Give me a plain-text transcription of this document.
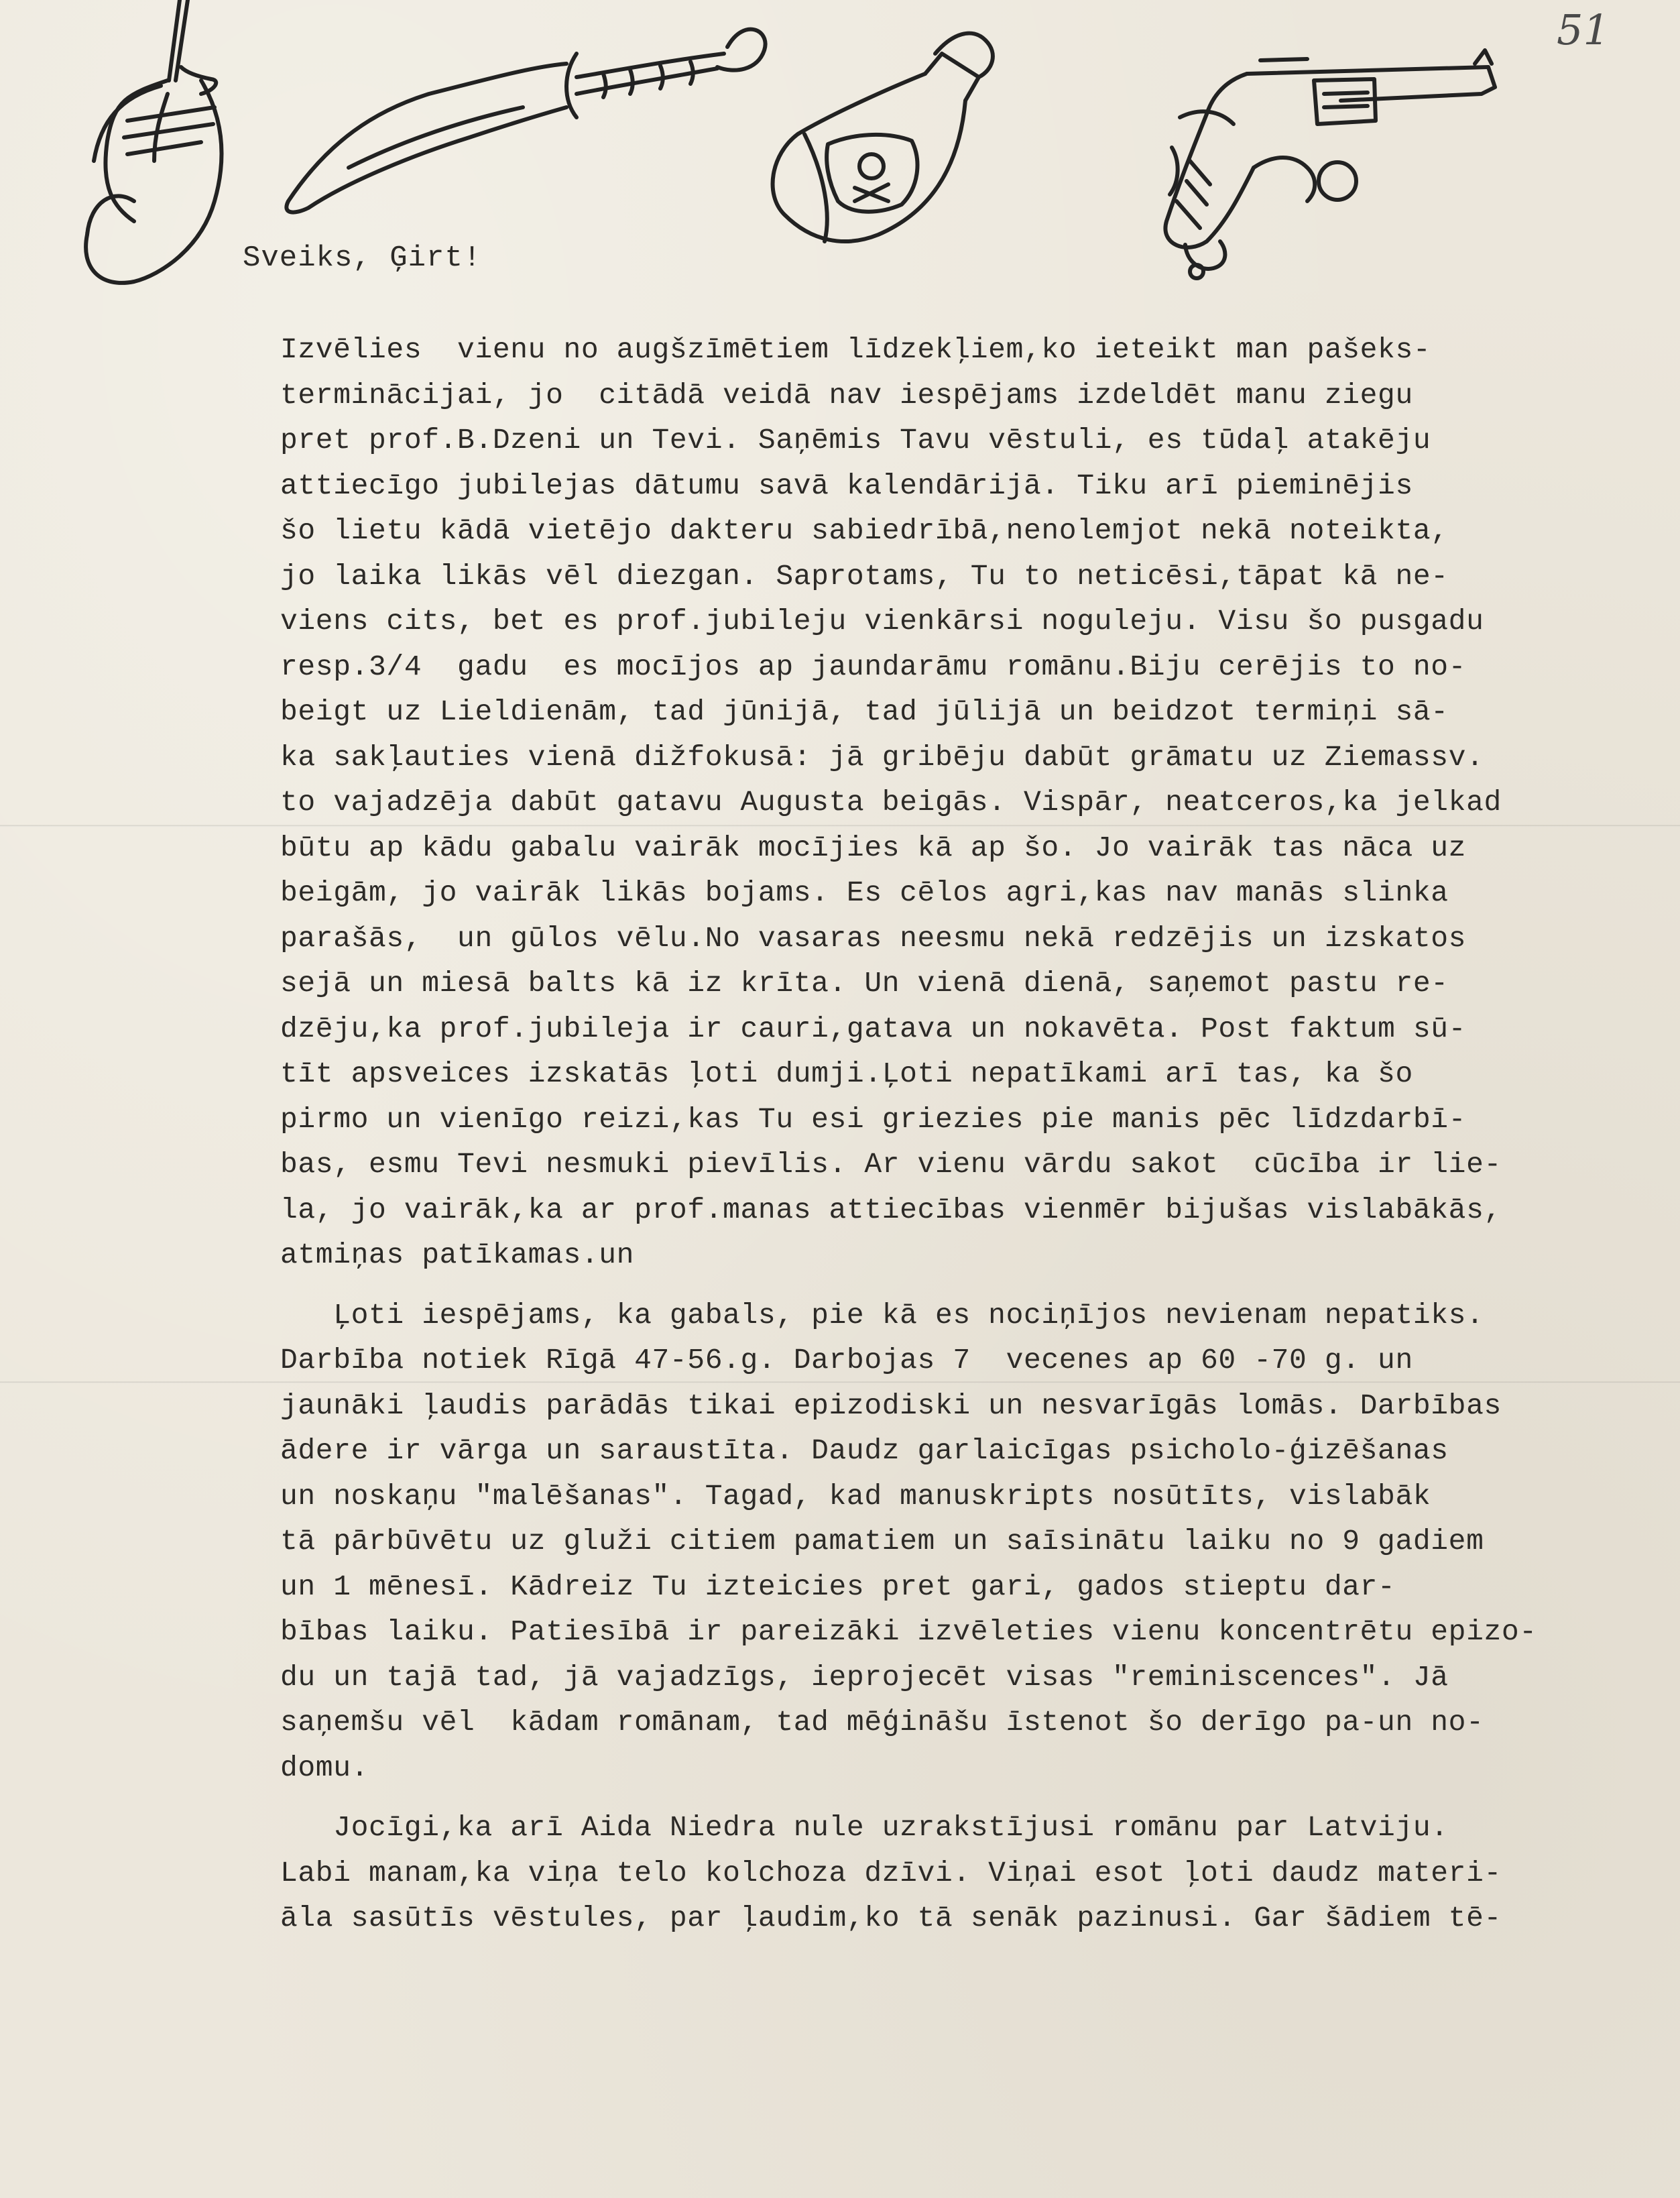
51
Sveiks, Ģirt!
Izvēlies  vienu no augšzīmētiem līdzekļiem,ko ieteikt man pašeks-
terminācijai, jo  citādā veidā nav iespējams izdeldēt manu ziegu
pret prof.B.Dzeni un Tevi. Saņēmis Tavu vēstuli, es tūdaļ atakēju
attiecīgo jubilejas dātumu savā kalendārijā. Tiku arī pieminējis
šo lietu kādā vietējo dakteru sabiedrībā,nenolemjot nekā noteikta,
jo laika likās vēl diezgan. Saprotams, Tu to neticēsi,tāpat kā ne-
viens cits, bet es prof.jubileju vienkārsi noguleju. Visu šo pusgadu
resp.3/4  gadu  es mocījos ap jaundarāmu romānu.Biju cerējis to no-
beigt uz Lieldienām, tad jūnijā, tad jūlijā un beidzot termiņi sā-
ka sakļauties vienā dižfokusā: jā gribēju dabūt grāmatu uz Ziemassv.
to vajadzēja dabūt gatavu Augusta beigās. Vispār, neatceros,ka jelkad
būtu ap kādu gabalu vairāk mocījies kā ap šo. Jo vairāk tas nāca uz
beigām, jo vairāk likās bojams. Es cēlos agri,kas nav manās slinka
parašās,  un gūlos vēlu.No vasaras neesmu nekā redzējis un izskatos
sejā un miesā balts kā iz krīta. Un vienā dienā, saņemot pastu re-
dzēju,ka prof.jubileja ir cauri,gatava un nokavēta. Post faktum sū-
tīt apsveices izskatās ļoti dumji.Ļoti nepatīkami arī tas, ka šo
pirmo un vienīgo reizi,kas Tu esi griezies pie manis pēc līdzdarbī-
bas, esmu Tevi nesmuki pievīlis. Ar vienu vārdu sakot  cūcība ir lie-
la, jo vairāk,ka ar prof.manas attiecības vienmēr bijušas vislabākās,
atmiņas patīkamas.un
Ļoti iespējams, ka gabals, pie kā es nociņījos nevienam nepatiks.
Darbība notiek Rīgā 47-56.g. Darbojas 7  vecenes ap 60 -70 g. un
jaunāki ļaudis parādās tikai epizodiski un nesvarīgās lomās. Darbības
ādere ir vārga un saraustīta. Daudz garlaicīgas psicholo-ģizēšanas
un noskaņu "malēšanas". Tagad, kad manuskripts nosūtīts, vislabāk
tā pārbūvētu uz gluži citiem pamatiem un saīsinātu laiku no 9 gadiem
un 1 mēnesī. Kādreiz Tu izteicies pret gari, gados stieptu dar-
bības laiku. Patiesībā ir pareizāki izvēleties vienu koncentrētu epizo-
du un tajā tad, jā vajadzīgs, ieprojecēt visas "reminiscences". Jā
saņemšu vēl  kādam romānam, tad mēģināšu īstenot šo derīgo pa-un no-
domu.
Jocīgi,ka arī Aida Niedra nule uzrakstījusi romānu par Latviju.
Labi manam,ka viņa telo kolchoza dzīvi. Viņai esot ļoti daudz materi-
āla sasūtīs vēstules, par ļaudim,ko tā senāk pazinusi. Gar šādiem tē-
